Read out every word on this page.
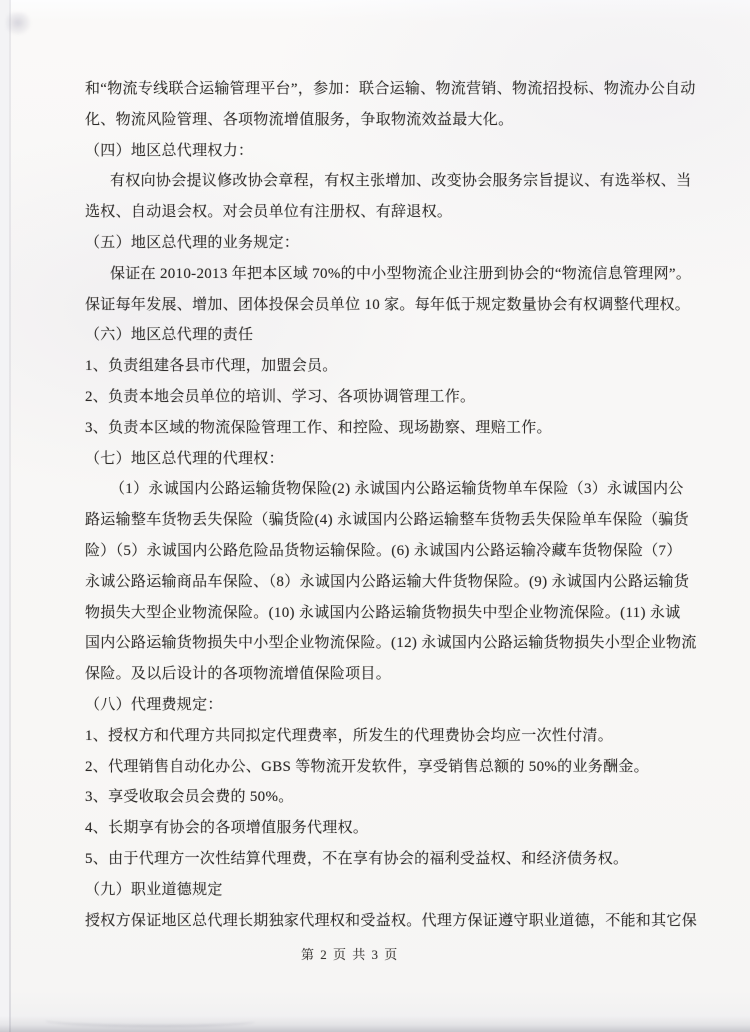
和“物流专线联合运输管理平台”，参加：联合运输、物流营销、物流招投标、物流办公自动
化、物流风险管理、各项物流增值服务，争取物流效益最大化。
（四）地区总代理权力：
有权向协会提议修改协会章程，有权主张增加、改变协会服务宗旨提议、有选举权、当
选权、自动退会权。对会员单位有注册权、有辞退权。
（五）地区总代理的业务规定：
保证在 2010-2013 年把本区域 70%的中小型物流企业注册到协会的“物流信息管理网”。
保证每年发展、增加、团体投保会员单位 10 家。每年低于规定数量协会有权调整代理权。
（六）地区总代理的责任
1、负责组建各县市代理，加盟会员。
2、负责本地会员单位的培训、学习、各项协调管理工作。
3、负责本区域的物流保险管理工作、和控险、现场勘察、理赔工作。
（七）地区总代理的代理权：
（1）永诚国内公路运输货物保险(2) 永诚国内公路运输货物单车保险（3）永诚国内公
路运输整车货物丢失保险（骗货险(4) 永诚国内公路运输整车货物丢失保险单车保险（骗货
险）（5）永诚国内公路危险品货物运输保险。(6) 永诚国内公路运输冷藏车货物保险（7）
永诚公路运输商品车保险、（8）永诚国内公路运输大件货物保险。(9) 永诚国内公路运输货
物损失大型企业物流保险。(10) 永诚国内公路运输货物损失中型企业物流保险。(11) 永诚
国内公路运输货物损失中小型企业物流保险。(12) 永诚国内公路运输货物损失小型企业物流
保险。及以后设计的各项物流增值保险项目。
（八）代理费规定：
1、授权方和代理方共同拟定代理费率，所发生的代理费协会均应一次性付清。
2、代理销售自动化办公、GBS 等物流开发软件，享受销售总额的 50%的业务酬金。
3、享受收取会员会费的 50%。
4、长期享有协会的各项增值服务代理权。
5、由于代理方一次性结算代理费，不在享有协会的福利受益权、和经济债务权。
（九）职业道德规定
授权方保证地区总代理长期独家代理权和受益权。代理方保证遵守职业道德，不能和其它保
第 2 页 共 3 页
